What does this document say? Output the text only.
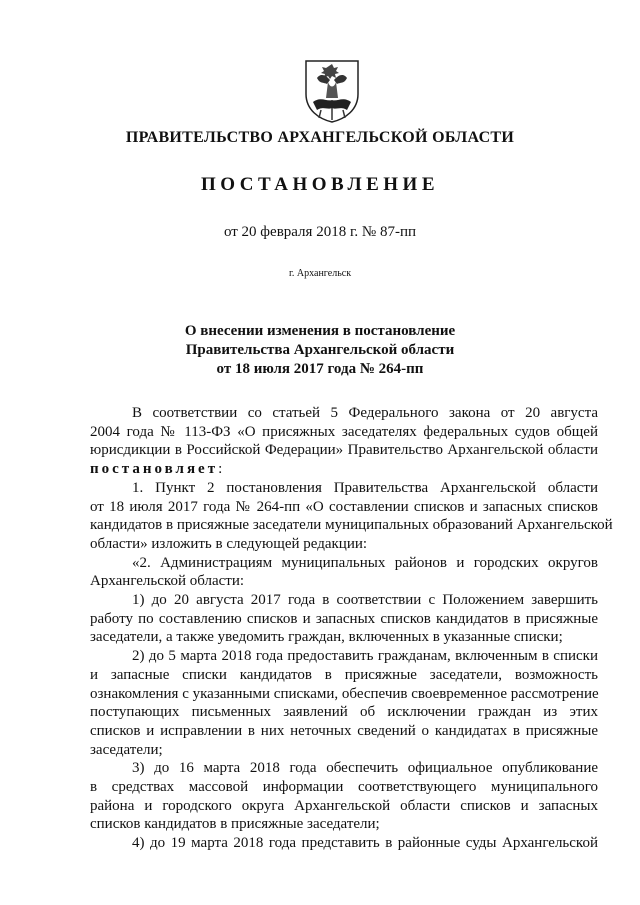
ПРАВИТЕЛЬСТВО АРХАНГЕЛЬСКОЙ ОБЛАСТИ
ПОСТАНОВЛЕНИЕ
от 20 февраля 2018 г. № 87-пп
г. Архангельск
О внесении изменения в постановление
Правительства Архангельской области
от 18 июля 2017 года № 264-пп
В соответствии со статьей 5 Федерального закона от 20 августа
2004 года № 113-ФЗ «О присяжных заседателях федеральных судов общей
юрисдикции в Российской Федерации» Правительство Архангельской области
постановляет:
1. Пункт 2 постановления Правительства Архангельской области
от 18 июля 2017 года № 264-пп «О составлении списков и запасных списков
кандидатов в присяжные заседатели муниципальных образований Архангельской
области» изложить в следующей редакции:
«2. Администрациям муниципальных районов и городских округов
Архангельской области:
1) до 20 августа 2017 года в соответствии с Положением завершить
работу по составлению списков и запасных списков кандидатов в присяжные
заседатели, а также уведомить граждан, включенных в указанные списки;
2) до 5 марта 2018 года предоставить гражданам, включенным в списки
и запасные списки кандидатов в присяжные заседатели, возможность
ознакомления с указанными списками, обеспечив своевременное рассмотрение
поступающих письменных заявлений об исключении граждан из этих
списков и исправлении в них неточных сведений о кандидатах в присяжные
заседатели;
3) до 16 марта 2018 года обеспечить официальное опубликование
в средствах массовой информации соответствующего муниципального
района и городского округа Архангельской области списков и запасных
списков кандидатов в присяжные заседатели;
4) до 19 марта 2018 года представить в районные суды Архангельской
